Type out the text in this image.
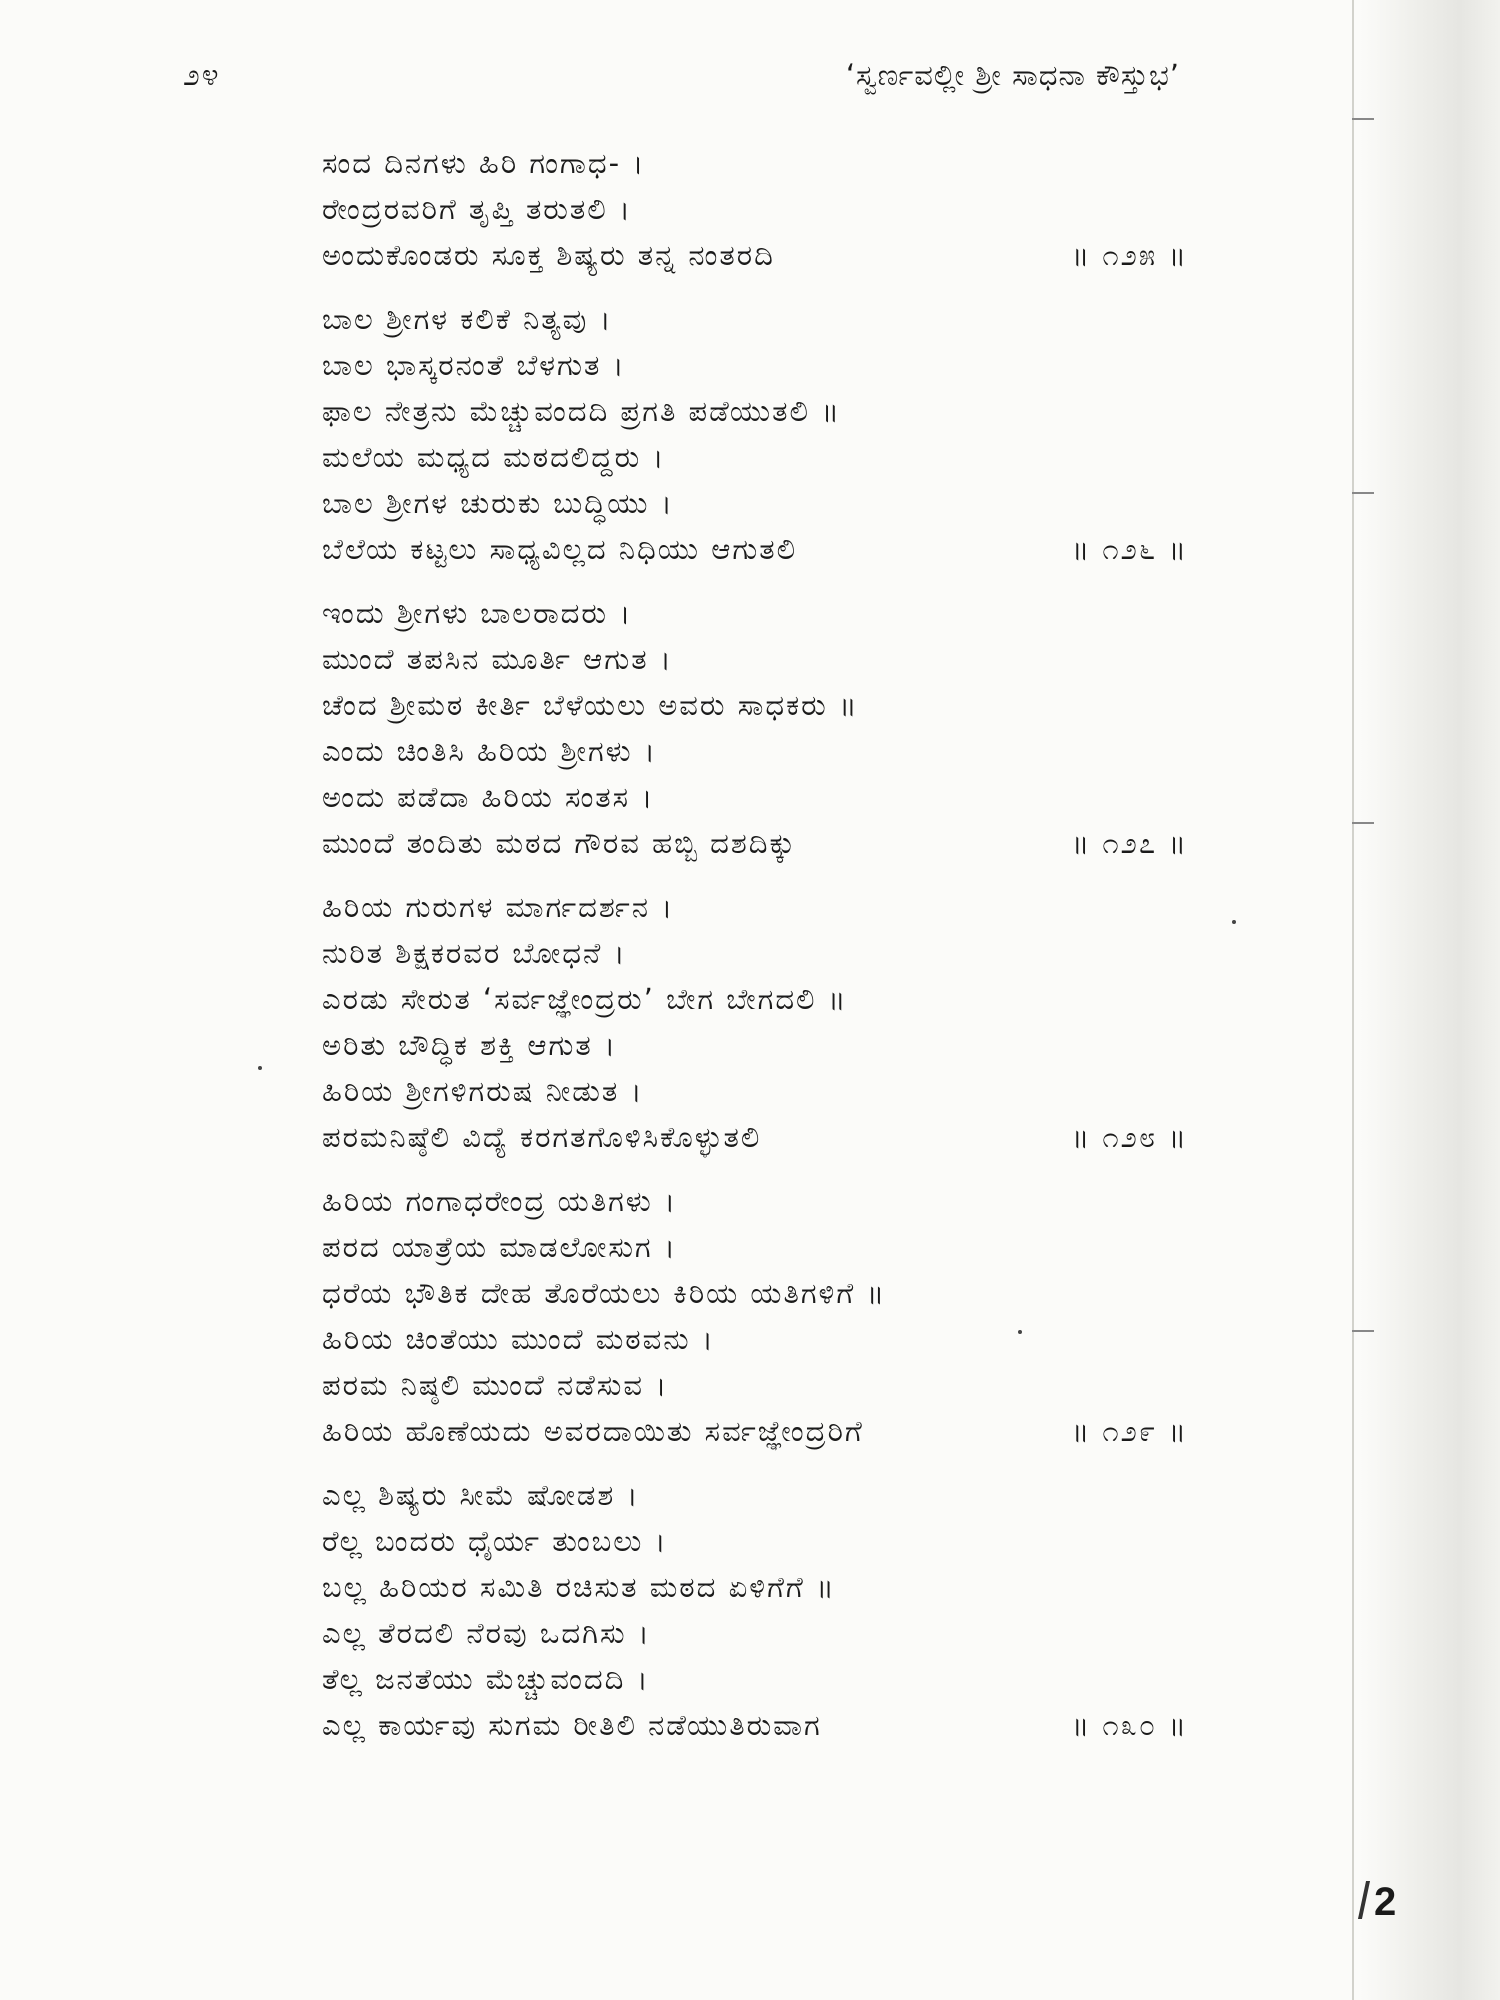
೨೪	‘ಸ್ವರ್ಣವಲ್ಲೀ ಶ್ರೀ ಸಾಧನಾ ಕೌಸ್ತುಭ’
ಸಂದ ದಿನಗಳು ಹಿರಿ ಗಂಗಾಧ- ।
ರೇಂದ್ರರವರಿಗೆ ತೃಪ್ತಿ ತರುತಲಿ ।
ಅಂದುಕೊಂಡರು ಸೂಕ್ತ ಶಿಷ್ಯರು ತನ್ನ ನಂತರದಿ	॥ ೧೨೫ ॥
ಬಾಲ ಶ್ರೀಗಳ ಕಲಿಕೆ ನಿತ್ಯವು ।
ಬಾಲ ಭಾಸ್ಕರನಂತೆ ಬೆಳಗುತ ।
ಫಾಲ ನೇತ್ರನು ಮೆಚ್ಚುವಂದದಿ ಪ್ರಗತಿ ಪಡೆಯುತಲಿ ॥
ಮಲೆಯ ಮಧ್ಯದ ಮಠದಲಿದ್ದರು ।
ಬಾಲ ಶ್ರೀಗಳ ಚುರುಕು ಬುದ್ಧಿಯು ।
ಬೆಲೆಯ ಕಟ್ಟಲು ಸಾಧ್ಯವಿಲ್ಲದ ನಿಧಿಯು ಆಗುತಲಿ	॥ ೧೨೬ ॥
ಇಂದು ಶ್ರೀಗಳು ಬಾಲರಾದರು ।
ಮುಂದೆ ತಪಸಿನ ಮೂರ್ತಿ ಆಗುತ ।
ಚೆಂದ ಶ್ರೀಮಠ ಕೀರ್ತಿ ಬೆಳೆಯಲು ಅವರು ಸಾಧಕರು ॥
ಎಂದು ಚಿಂತಿಸಿ ಹಿರಿಯ ಶ್ರೀಗಳು ।
ಅಂದು ಪಡೆದಾ ಹಿರಿಯ ಸಂತಸ ।
ಮುಂದೆ ತಂದಿತು ಮಠದ ಗೌರವ ಹಬ್ಬಿ ದಶದಿಕ್ಕು	॥ ೧೨೭ ॥
ಹಿರಿಯ ಗುರುಗಳ ಮಾರ್ಗದರ್ಶನ ।
ನುರಿತ ಶಿಕ್ಷಕರವರ ಬೋಧನೆ ।
ಎರಡು ಸೇರುತ ‘ಸರ್ವಜ್ಞೇಂದ್ರರು’ ಬೇಗ ಬೇಗದಲಿ ॥
ಅರಿತು ಬೌದ್ಧಿಕ ಶಕ್ತಿ ಆಗುತ ।
ಹಿರಿಯ ಶ್ರೀಗಳಿಗರುಷ ನೀಡುತ ।
ಪರಮನಿಷ್ಠೆಲಿ ವಿದ್ಯೆ ಕರಗತಗೊಳಿಸಿಕೊಳ್ಳುತಲಿ	॥ ೧೨೮ ॥
ಹಿರಿಯ ಗಂಗಾಧರೇಂದ್ರ ಯತಿಗಳು ।
ಪರದ ಯಾತ್ರೆಯ ಮಾಡಲೋಸುಗ ।
ಧರೆಯ ಭೌತಿಕ ದೇಹ ತೊರೆಯಲು ಕಿರಿಯ ಯತಿಗಳಿಗೆ ॥
ಹಿರಿಯ ಚಿಂತೆಯು ಮುಂದೆ ಮಠವನು ।
ಪರಮ ನಿಷ್ಠಲಿ ಮುಂದೆ ನಡೆಸುವ ।
ಹಿರಿಯ ಹೊಣೆಯದು ಅವರದಾಯಿತು ಸರ್ವಜ್ಞೇಂದ್ರರಿಗೆ	॥ ೧೨೯ ॥
ಎಲ್ಲ ಶಿಷ್ಯರು ಸೀಮೆ ಷೋಡಶ ।
ರೆಲ್ಲ ಬಂದರು ಧೈರ್ಯ ತುಂಬಲು ।
ಬಲ್ಲ ಹಿರಿಯರ ಸಮಿತಿ ರಚಿಸುತ ಮಠದ ಏಳಿಗೆಗೆ ॥
ಎಲ್ಲ ತೆರದಲಿ ನೆರವು ಒದಗಿಸು ।
ತೆಲ್ಲ ಜನತೆಯು ಮೆಚ್ಚುವಂದದಿ ।
ಎಲ್ಲ ಕಾರ್ಯವು ಸುಗಮ ರೀತಿಲಿ ನಡೆಯುತಿರುವಾಗ	॥ ೧೩೦ ॥
2
